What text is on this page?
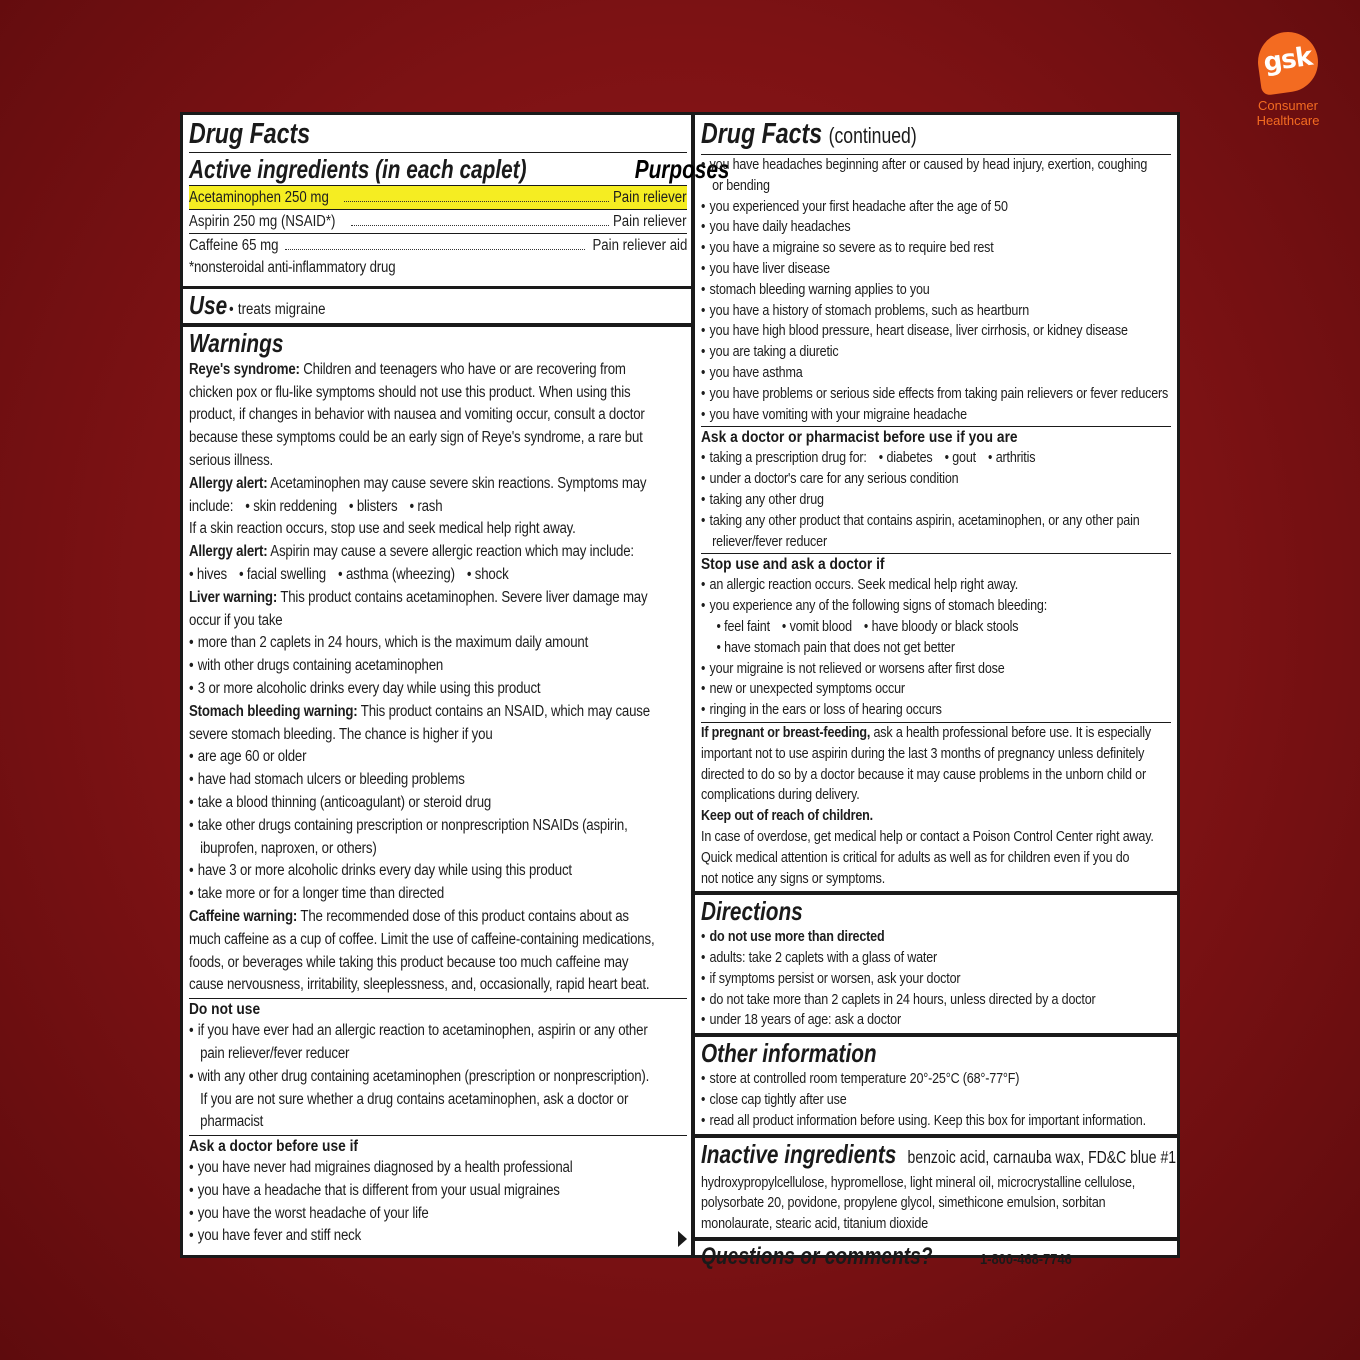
gsk
Consumer
Healthcare
Drug Facts
Active ingredients (in each caplet)	Purposes
Acetaminophen 250 mg	Pain reliever
Aspirin 250 mg (NSAID*)	Pain reliever
Caffeine 65 mg	Pain reliever aid
*nonsteroidal anti-inflammatory drug
Use • treats migraine
Warnings
Reye's syndrome: Children and teenagers who have or are recovering from
chicken pox or flu-like symptoms should not use this product. When using this
product, if changes in behavior with nausea and vomiting occur, consult a doctor
because these symptoms could be an early sign of Reye's syndrome, a rare but
serious illness.
Allergy alert: Acetaminophen may cause severe skin reactions. Symptoms may
include: • skin reddening • blisters • rash
If a skin reaction occurs, stop use and seek medical help right away.
Allergy alert: Aspirin may cause a severe allergic reaction which may include:
• hives • facial swelling • asthma (wheezing) • shock
Liver warning: This product contains acetaminophen. Severe liver damage may
occur if you take
• more than 2 caplets in 24 hours, which is the maximum daily amount
• with other drugs containing acetaminophen
• 3 or more alcoholic drinks every day while using this product
Stomach bleeding warning: This product contains an NSAID, which may cause
severe stomach bleeding. The chance is higher if you
• are age 60 or older
• have had stomach ulcers or bleeding problems
• take a blood thinning (anticoagulant) or steroid drug
• take other drugs containing prescription or nonprescription NSAIDs (aspirin,
ibuprofen, naproxen, or others)
• have 3 or more alcoholic drinks every day while using this product
• take more or for a longer time than directed
Caffeine warning: The recommended dose of this product contains about as
much caffeine as a cup of coffee. Limit the use of caffeine-containing medications,
foods, or beverages while taking this product because too much caffeine may
cause nervousness, irritability, sleeplessness, and, occasionally, rapid heart beat.
Do not use
• if you have ever had an allergic reaction to acetaminophen, aspirin or any other
pain reliever/fever reducer
• with any other drug containing acetaminophen (prescription or nonprescription).
If you are not sure whether a drug contains acetaminophen, ask a doctor or
pharmacist
Ask a doctor before use if
• you have never had migraines diagnosed by a health professional
• you have a headache that is different from your usual migraines
• you have the worst headache of your life
• you have fever and stiff neck
Drug Facts (continued)
• you have headaches beginning after or caused by head injury, exertion, coughing
or bending
• you experienced your first headache after the age of 50
• you have daily headaches
• you have a migraine so severe as to require bed rest
• you have liver disease
• stomach bleeding warning applies to you
• you have a history of stomach problems, such as heartburn
• you have high blood pressure, heart disease, liver cirrhosis, or kidney disease
• you are taking a diuretic
• you have asthma
• you have problems or serious side effects from taking pain relievers or fever reducers
• you have vomiting with your migraine headache
Ask a doctor or pharmacist before use if you are
• taking a prescription drug for: • diabetes • gout • arthritis
• under a doctor's care for any serious condition
• taking any other drug
• taking any other product that contains aspirin, acetaminophen, or any other pain
reliever/fever reducer
Stop use and ask a doctor if
• an allergic reaction occurs. Seek medical help right away.
• you experience any of the following signs of stomach bleeding:
• feel faint • vomit blood • have bloody or black stools
• have stomach pain that does not get better
• your migraine is not relieved or worsens after first dose
• new or unexpected symptoms occur
• ringing in the ears or loss of hearing occurs
If pregnant or breast-feeding, ask a health professional before use. It is especially
important not to use aspirin during the last 3 months of pregnancy unless definitely
directed to do so by a doctor because it may cause problems in the unborn child or
complications during delivery.
Keep out of reach of children.
In case of overdose, get medical help or contact a Poison Control Center right away.
Quick medical attention is critical for adults as well as for children even if you do
not notice any signs or symptoms.
Directions
• do not use more than directed
• adults: take 2 caplets with a glass of water
• if symptoms persist or worsen, ask your doctor
• do not take more than 2 caplets in 24 hours, unless directed by a doctor
• under 18 years of age: ask a doctor
Other information
• store at controlled room temperature 20°-25°C (68°-77°F)
• close cap tightly after use
• read all product information before using. Keep this box for important information.
Inactive ingredients benzoic acid, carnauba wax, FD&C blue #1,
hydroxypropylcellulose, hypromellose, light mineral oil, microcrystalline cellulose,
polysorbate 20, povidone, propylene glycol, simethicone emulsion, sorbitan
monolaurate, stearic acid, titanium dioxide
Questions or comments?	1-800-468-7746
